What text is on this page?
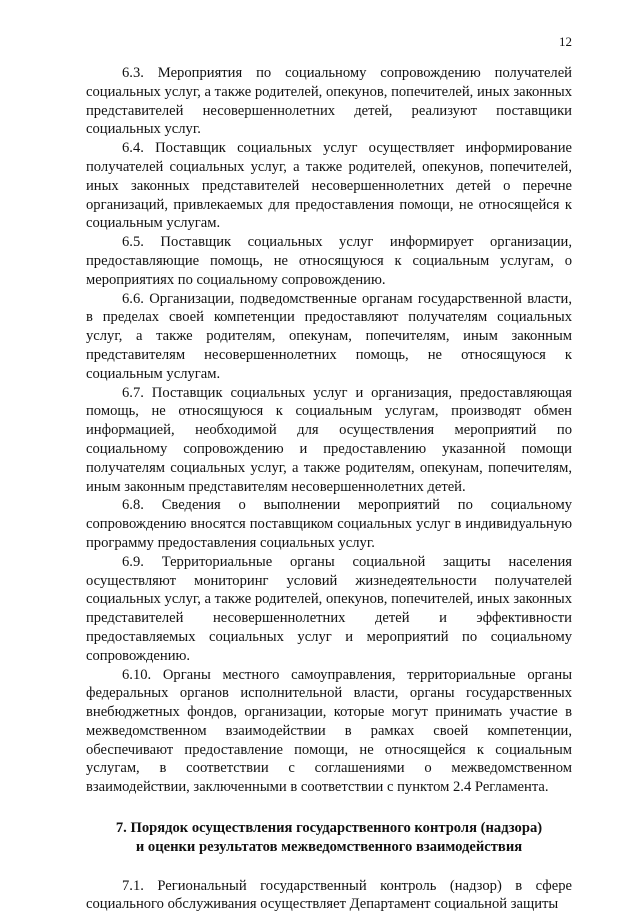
12

6.3. Мероприятия по социальному сопровождению получателей социальных услуг, а также родителей, опекунов, попечителей, иных законных представителей несовершеннолетних детей, реализуют поставщики социальных услуг.

6.4. Поставщик социальных услуг осуществляет информирование получателей социальных услуг, а также родителей, опекунов, попечителей, иных законных представителей несовершеннолетних детей о перечне организаций, привлекаемых для предоставления помощи, не относящейся к социальным услугам.

6.5. Поставщик социальных услуг информирует организации, предоставляющие помощь, не относящуюся к социальным услугам, о мероприятиях по социальному сопровождению.

6.6. Организации, подведомственные органам государственной власти, в пределах своей компетенции предоставляют получателям социальных услуг, а также родителям, опекунам, попечителям, иным законным представителям несовершеннолетних помощь, не относящуюся к социальным услугам.

6.7. Поставщик социальных услуг и организация, предоставляющая помощь, не относящуюся к социальным услугам, производят обмен информацией, необходимой для осуществления мероприятий по социальному сопровождению и предоставлению указанной помощи получателям социальных услуг, а также родителям, опекунам, попечителям, иным законным представителям несовершеннолетних детей.

6.8. Сведения о выполнении мероприятий по социальному сопровождению вносятся поставщиком социальных услуг в индивидуальную программу предоставления социальных услуг.

6.9. Территориальные органы социальной защиты населения осуществляют мониторинг условий жизнедеятельности получателей социальных услуг, а также родителей, опекунов, попечителей, иных законных представителей несовершеннолетних детей и эффективности предоставляемых социальных услуг и мероприятий по социальному сопровождению.

6.10. Органы местного самоуправления, территориальные органы федеральных органов исполнительной власти, органы государственных внебюджетных фондов, организации, которые могут принимать участие в межведомственном взаимодействии в рамках своей компетенции, обеспечивают предоставление помощи, не относящейся к социальным услугам, в соответствии с соглашениями о межведомственном взаимодействии, заключенными в соответствии с пунктом 2.4 Регламента.

7. Порядок осуществления государственного контроля (надзора)
и оценки результатов межведомственного взаимодействия

7.1. Региональный государственный контроль (надзор) в сфере социального обслуживания осуществляет Департамент социальной защиты
